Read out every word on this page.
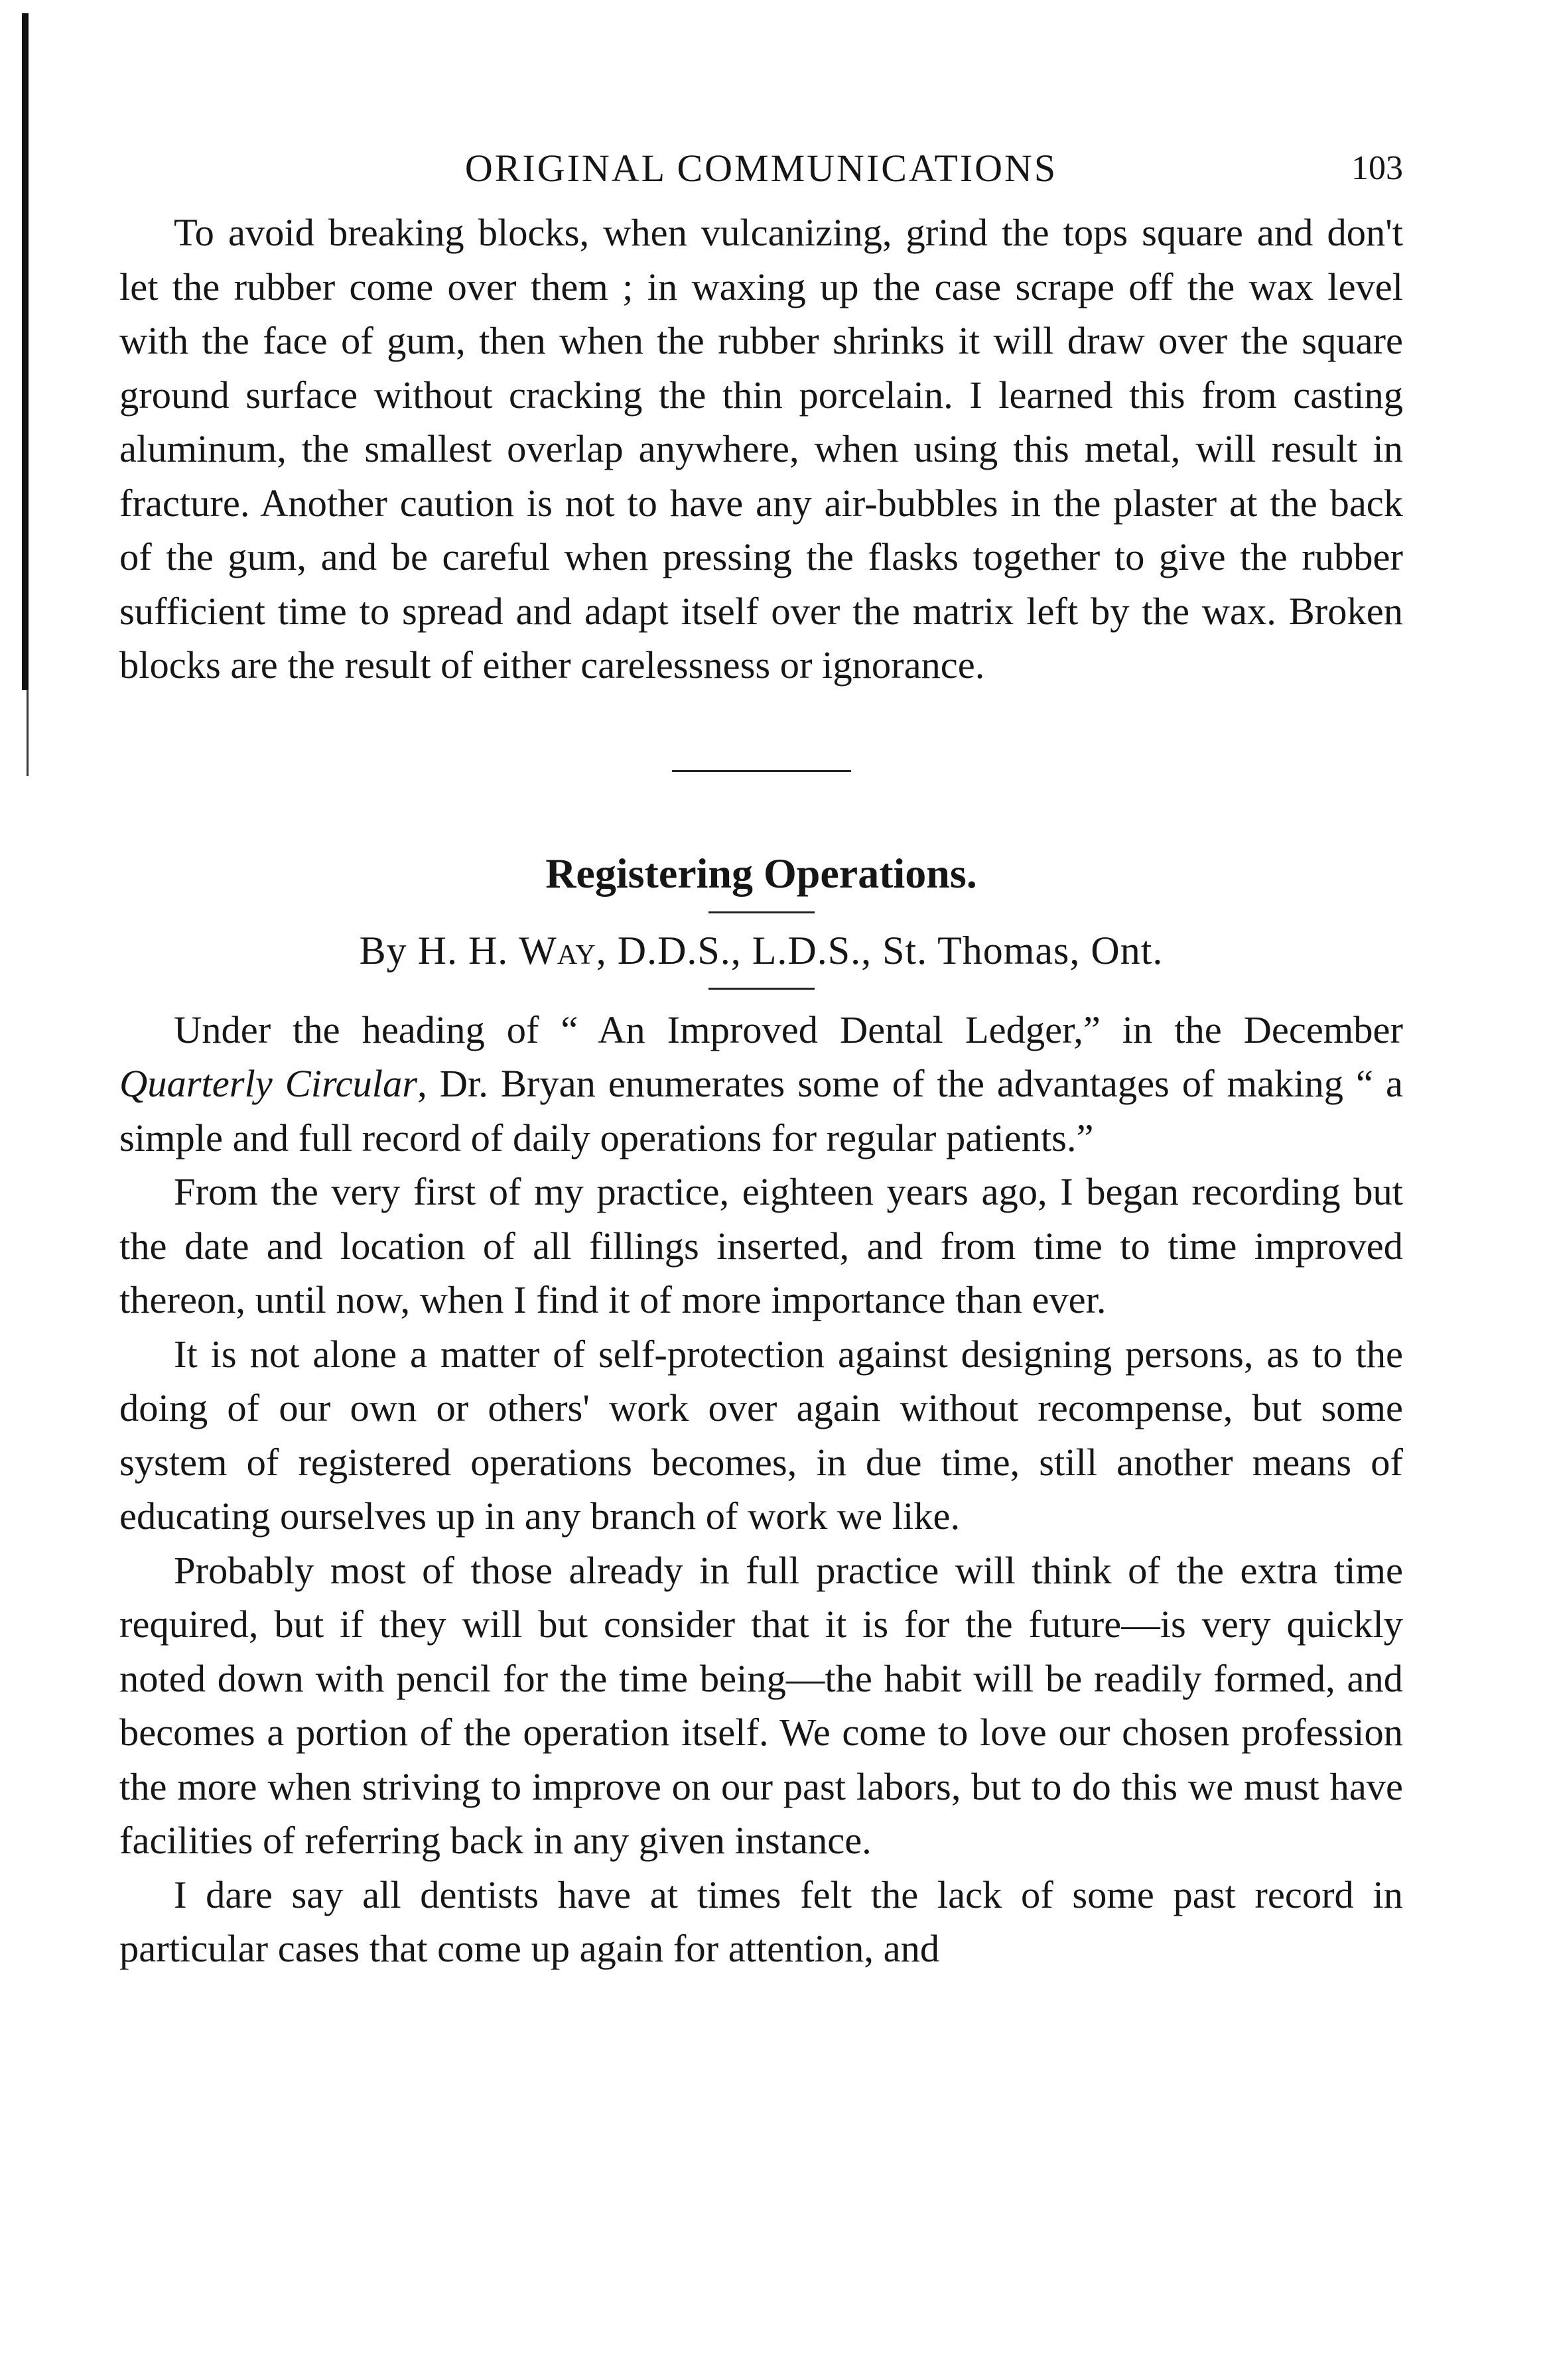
ORIGINAL COMMUNICATIONS	103

To avoid breaking blocks, when vulcanizing, grind the tops square and don't let the rubber come over them ; in waxing up the case scrape off the wax level with the face of gum, then when the rubber shrinks it will draw over the square ground surface without cracking the thin porcelain. I learned this from casting aluminum, the smallest overlap anywhere, when using this metal, will result in fracture. Another caution is not to have any air-bubbles in the plaster at the back of the gum, and be careful when pressing the flasks together to give the rubber sufficient time to spread and adapt itself over the matrix left by the wax. Broken blocks are the result of either carelessness or ignorance.

Registering Operations.
By H. H. Way, D.D.S., L.D.S., St. Thomas, Ont.

Under the heading of “ An Improved Dental Ledger,” in the December Quarterly Circular, Dr. Bryan enumerates some of the advantages of making “ a simple and full record of daily operations for regular patients.”

From the very first of my practice, eighteen years ago, I began recording but the date and location of all fillings inserted, and from time to time improved thereon, until now, when I find it of more importance than ever.

It is not alone a matter of self-protection against designing persons, as to the doing of our own or others' work over again without recompense, but some system of registered operations becomes, in due time, still another means of educating ourselves up in any branch of work we like.

Probably most of those already in full practice will think of the extra time required, but if they will but consider that it is for the future—is very quickly noted down with pencil for the time being—the habit will be readily formed, and becomes a portion of the operation itself. We come to love our chosen profession the more when striving to improve on our past labors, but to do this we must have facilities of referring back in any given instance.

I dare say all dentists have at times felt the lack of some past record in particular cases that come up again for attention, and
